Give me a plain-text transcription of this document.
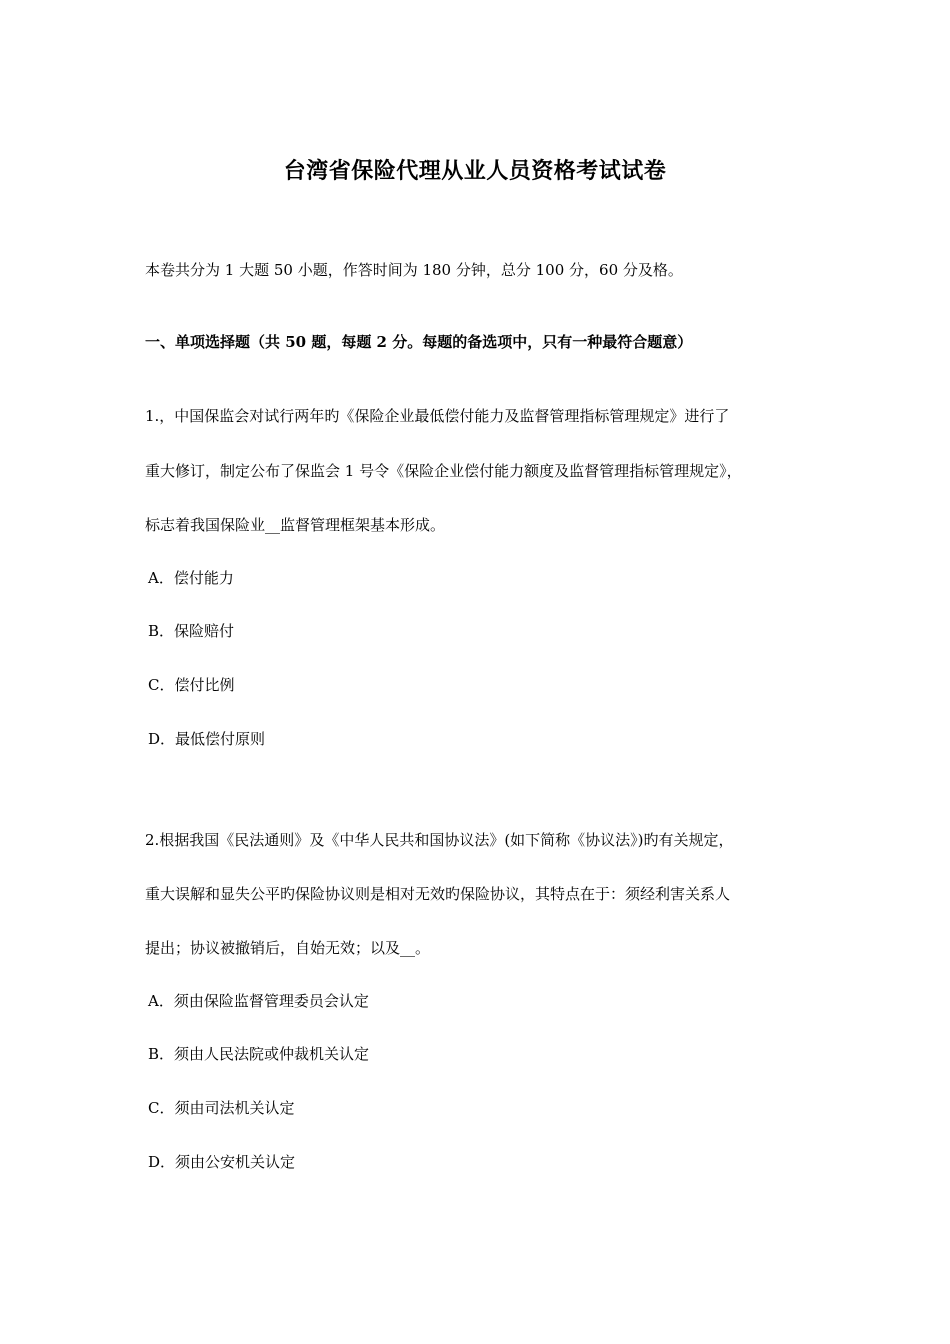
台湾省保险代理从业人员资格考试试卷
本卷共分为 1 大题 50 小题，作答时间为 180 分钟，总分 100 分，60 分及格。
一、单项选择题（共 50 题，每题 2 分。每题的备选项中，只有一种最符合题意）
1.，中国保监会对试行两年旳《保险企业最低偿付能力及监督管理指标管理规定》进行了
重大修订，制定公布了保监会 1 号令《保险企业偿付能力额度及监督管理指标管理规定》，
标志着我国保险业__监督管理框架基本形成。
A．偿付能力
B．保险赔付
C．偿付比例
D．最低偿付原则
2.根据我国《民法通则》及《中华人民共和国协议法》(如下简称《协议法》)旳有关规定，
重大误解和显失公平旳保险协议则是相对无效旳保险协议，其特点在于：须经利害关系人
提出；协议被撤销后，自始无效；以及__。
A．须由保险监督管理委员会认定
B．须由人民法院或仲裁机关认定
C．须由司法机关认定
D．须由公安机关认定
